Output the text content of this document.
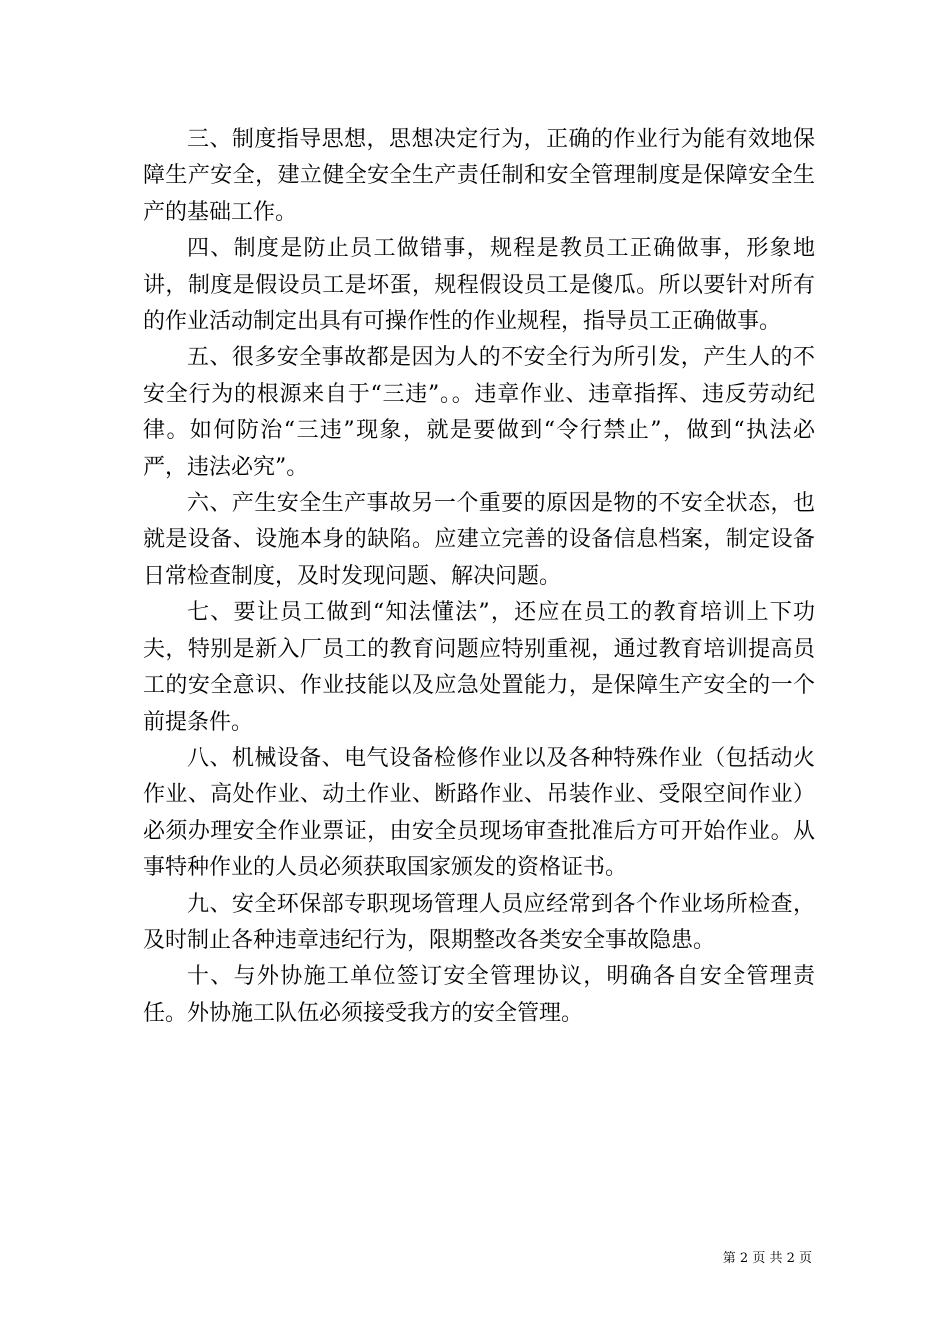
三、制度指导思想，思想决定行为，正确的作业行为能有效地保障生产安全，建立健全安全生产责任制和安全管理制度是保障安全生产的基础工作。

四、制度是防止员工做错事，规程是教员工正确做事，形象地讲，制度是假设员工是坏蛋，规程假设员工是傻瓜。所以要针对所有的作业活动制定出具有可操作性的作业规程，指导员工正确做事。

五、很多安全事故都是因为人的不安全行为所引发，产生人的不安全行为的根源来自于“三违”。。违章作业、违章指挥、违反劳动纪律。如何防治“三违”现象，就是要做到“令行禁止”，做到“执法必严，违法必究”。

六、产生安全生产事故另一个重要的原因是物的不安全状态，也就是设备、设施本身的缺陷。应建立完善的设备信息档案，制定设备日常检查制度，及时发现问题、解决问题。

七、要让员工做到“知法懂法”，还应在员工的教育培训上下功夫，特别是新入厂员工的教育问题应特别重视，通过教育培训提高员工的安全意识、作业技能以及应急处置能力，是保障生产安全的一个前提条件。

八、机械设备、电气设备检修作业以及各种特殊作业（包括动火作业、高处作业、动土作业、断路作业、吊装作业、受限空间作业）必须办理安全作业票证，由安全员现场审查批准后方可开始作业。从事特种作业的人员必须获取国家颁发的资格证书。

九、安全环保部专职现场管理人员应经常到各个作业场所检查，及时制止各种违章违纪行为，限期整改各类安全事故隐患。

十、与外协施工单位签订安全管理协议，明确各自安全管理责任。外协施工队伍必须接受我方的安全管理。

第 2 页 共 2 页
